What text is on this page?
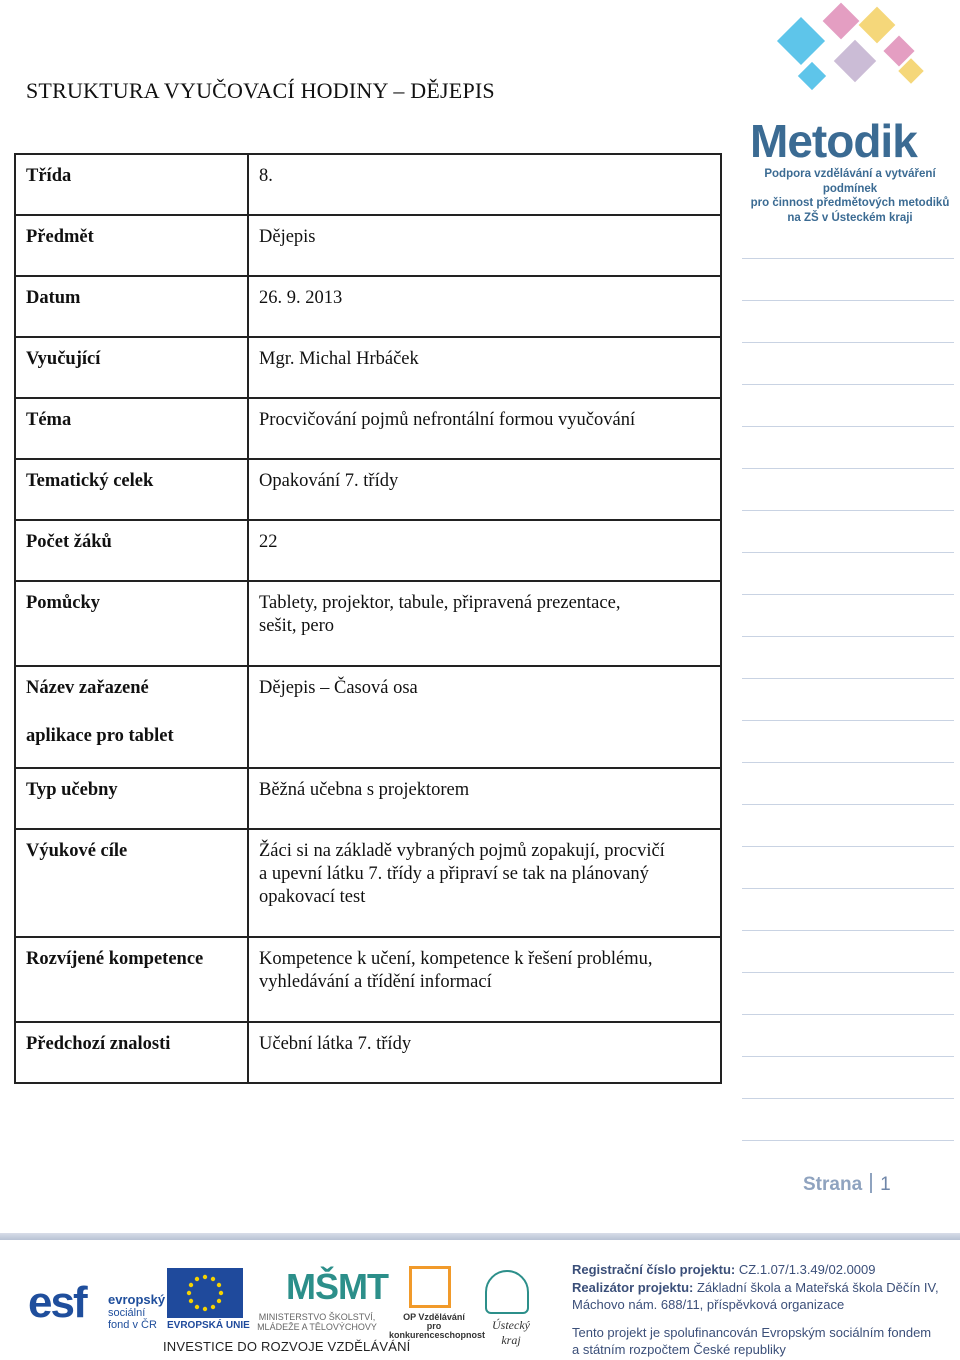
STRUKTURA VYUČOVACÍ HODINY – DĚJEPIS
Metodik
Podpora vzdělávání a vytváření podmínek
pro činnost předmětových metodiků
na ZŠ v Ústeckém kraji
Třída	8.
Předmět	Dějepis
Datum	26. 9. 2013
Vyučující	Mgr. Michal Hrbáček
Téma	Procvičování pojmů nefrontální formou vyučování
Tematický celek	Opakování 7. třídy
Počet žáků	22
Pomůcky	Tablety, projektor, tabule, připravená prezentace,
sešit, pero

Název zařazené
aplikace pro tablet	Dějepis – Časová osa
Typ učebny	Běžná učebna s projektorem
Výukové cíle	Žáci si na základě vybraných pojmů zopakují, procvičí
a upevní látku 7. třídy a připraví se tak na plánovaný
opakovací test

Rozvíjené kompetence	Kompetence k učení, kompetence k řešení problému,
vyhledávání a třídění informací

Předchozí znalosti	Učební látka 7. třídy
Strana 1
esf evropský
sociální
fond v ČR	EVROPSKÁ UNIE
MŠMT
MINISTERSTVO ŠKOLSTVÍ,
MLÁDEŽE A TĚLOVÝCHOVY
OP Vzdělávání
pro konkurenceschopnost
Ústecký kraj
INVESTICE DO ROZVOJE VZDĚLÁVÁNÍ
Registrační číslo projektu: CZ.1.07/1.3.49/02.0009
Realizátor projektu: Základní škola a Mateřská škola Děčín IV,
Máchovo nám. 688/11, příspěvková organizace
Tento projekt je spolufinancován Evropským sociálním fondem
a státním rozpočtem České republiky
